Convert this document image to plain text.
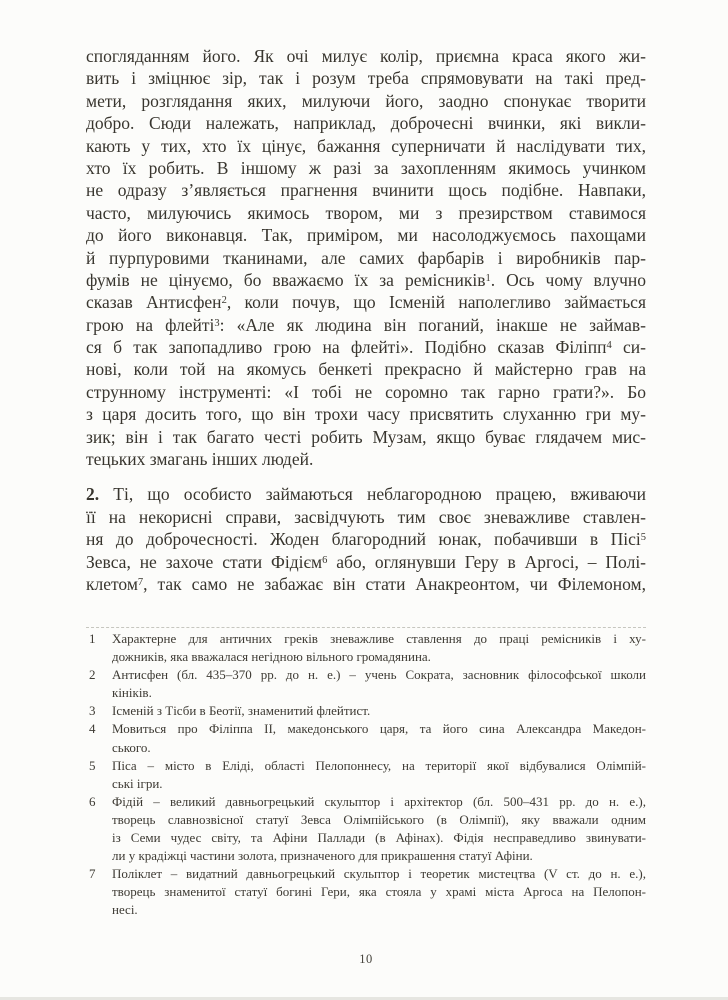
спогляданням його. Як очі милує колір, приємна краса якого жи-
вить і зміцнює зір, так і розум треба спрямовувати на такі пред-
мети, розглядання яких, милуючи його, заодно спонукає творити
добро. Сюди належать, наприклад, доброчесні вчинки, які викли-
кають у тих, хто їх цінує, бажання суперничати й наслідувати тих,
хто їх робить. В іншому ж разі за захопленням якимось учинком
не одразу з’являється прагнення вчинити щось подібне. Навпаки,
часто, милуючись якимось твором, ми з презирством ставимося
до його виконавця. Так, приміром, ми насолоджуємось пахощами
й пурпуровими тканинами, але самих фарбарів і виробників пар-
фумів не цінуємо, бо вважаємо їх за ремісників$^1$. Ось чому влучно
сказав Антисфен$^2$, коли почув, що Ісменій наполегливо займається
грою на флейті$^3$: «Але як людина він поганий, інакше не займав-
ся б так запопадливо грою на флейті». Подібно сказав Філіпп$^4$ си-
нові, коли той на якомусь бенкеті прекрасно й майстерно грав на
струнному інструменті: «І тобі не соромно так гарно грати?». Бо
з царя досить того, що він трохи часу присвятить слуханню гри му-
зик; він і так багато честі робить Музам, якщо буває глядачем мис-
тецьких змагань інших людей.
2. Ті, що особисто займаються неблагородною працею, вживаючи
її на некорисні справи, засвідчують тим своє зневажливе ставлен-
ня до доброчесності. Жоден благородний юнак, побачивши в Пісі$^5$
Зевса, не захоче стати Фідієм$^6$ або, оглянувши Геру в Аргосі, – Полі-
клетом$^7$, так само не забажає він стати Анакреонтом, чи Філемоном,
1 Характерне для античних греків зневажливе ставлення до праці ремісників і ху-
дожників, яка вважалася негідною вільного громадянина.
2 Антисфен (бл. 435–370 рр. до н. е.) – учень Сократа, засновник філософської школи
кініків.
3 Ісменій з Тісби в Беотії, знаменитий флейтист.
4 Мовиться про Філіппа II, македонського царя, та його сина Александра Македон-
ського.
5 Піса – місто в Еліді, області Пелопоннесу, на території якої відбувалися Олімпій-
ські ігри.
6 Фідій – великий давньогрецький скульптор і архітектор (бл. 500–431 рр. до н. е.),
творець славнозвісної статуї Зевса Олімпійського (в Олімпії), яку вважали одним
із Семи чудес світу, та Афіни Паллади (в Афінах). Фідія несправедливо звинувати-
ли у крадіжці частини золота, призначеного для прикрашення статуї Афіни.
7 Поліклет – видатний давньогрецький скульптор і теоретик мистецтва (V ст. до н. е.),
творець знаменитої статуї богині Гери, яка стояла у храмі міста Аргоса на Пелопон-
несі.
10
